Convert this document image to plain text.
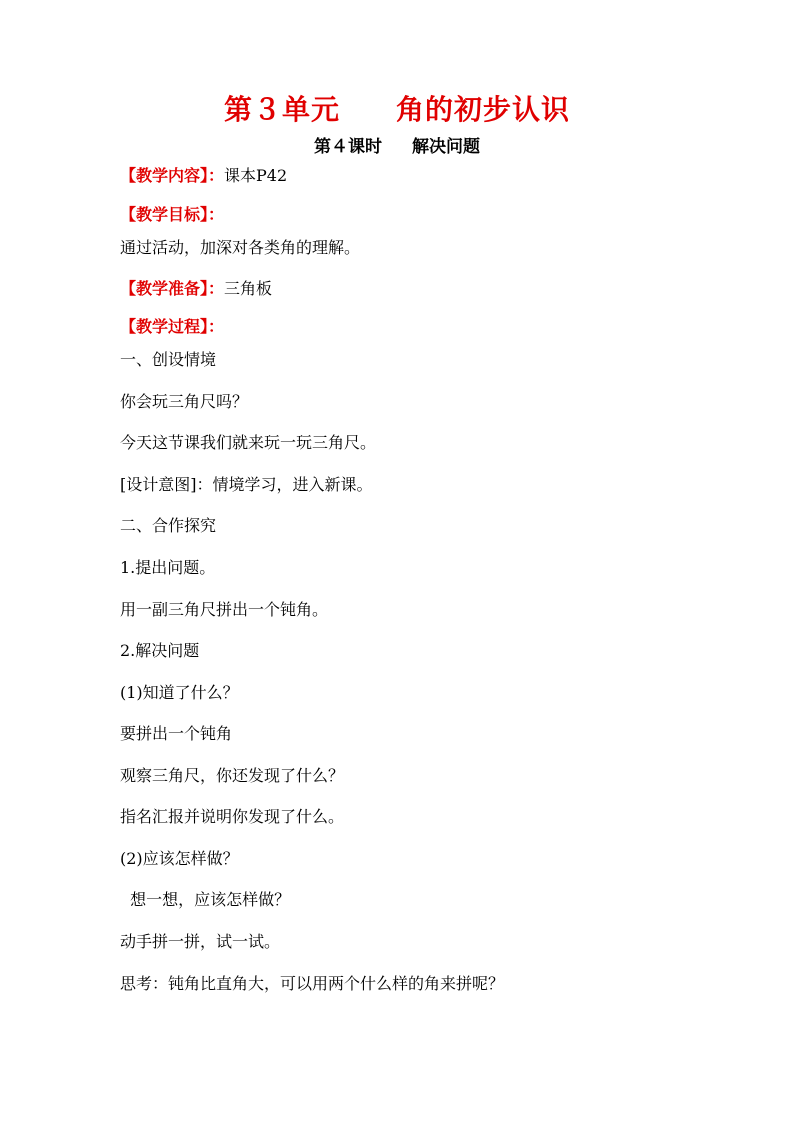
第３单元 角的初步认识
第４课时 解决问题
【教学内容】：课本P42
【教学目标】：
通过活动，加深对各类角的理解。
【教学准备】：三角板
【教学过程】：
一、创设情境
你会玩三角尺吗？
今天这节课我们就来玩一玩三角尺。
[设计意图]：情境学习，进入新课。
二、合作探究
1.提出问题。
用一副三角尺拼出一个钝角。
2.解决问题
(1)知道了什么？
要拼出一个钝角
观察三角尺，你还发现了什么？
指名汇报并说明你发现了什么。
(2)应该怎样做？
想一想，应该怎样做？
动手拼一拼，试一试。
思考：钝角比直角大，可以用两个什么样的角来拼呢？
